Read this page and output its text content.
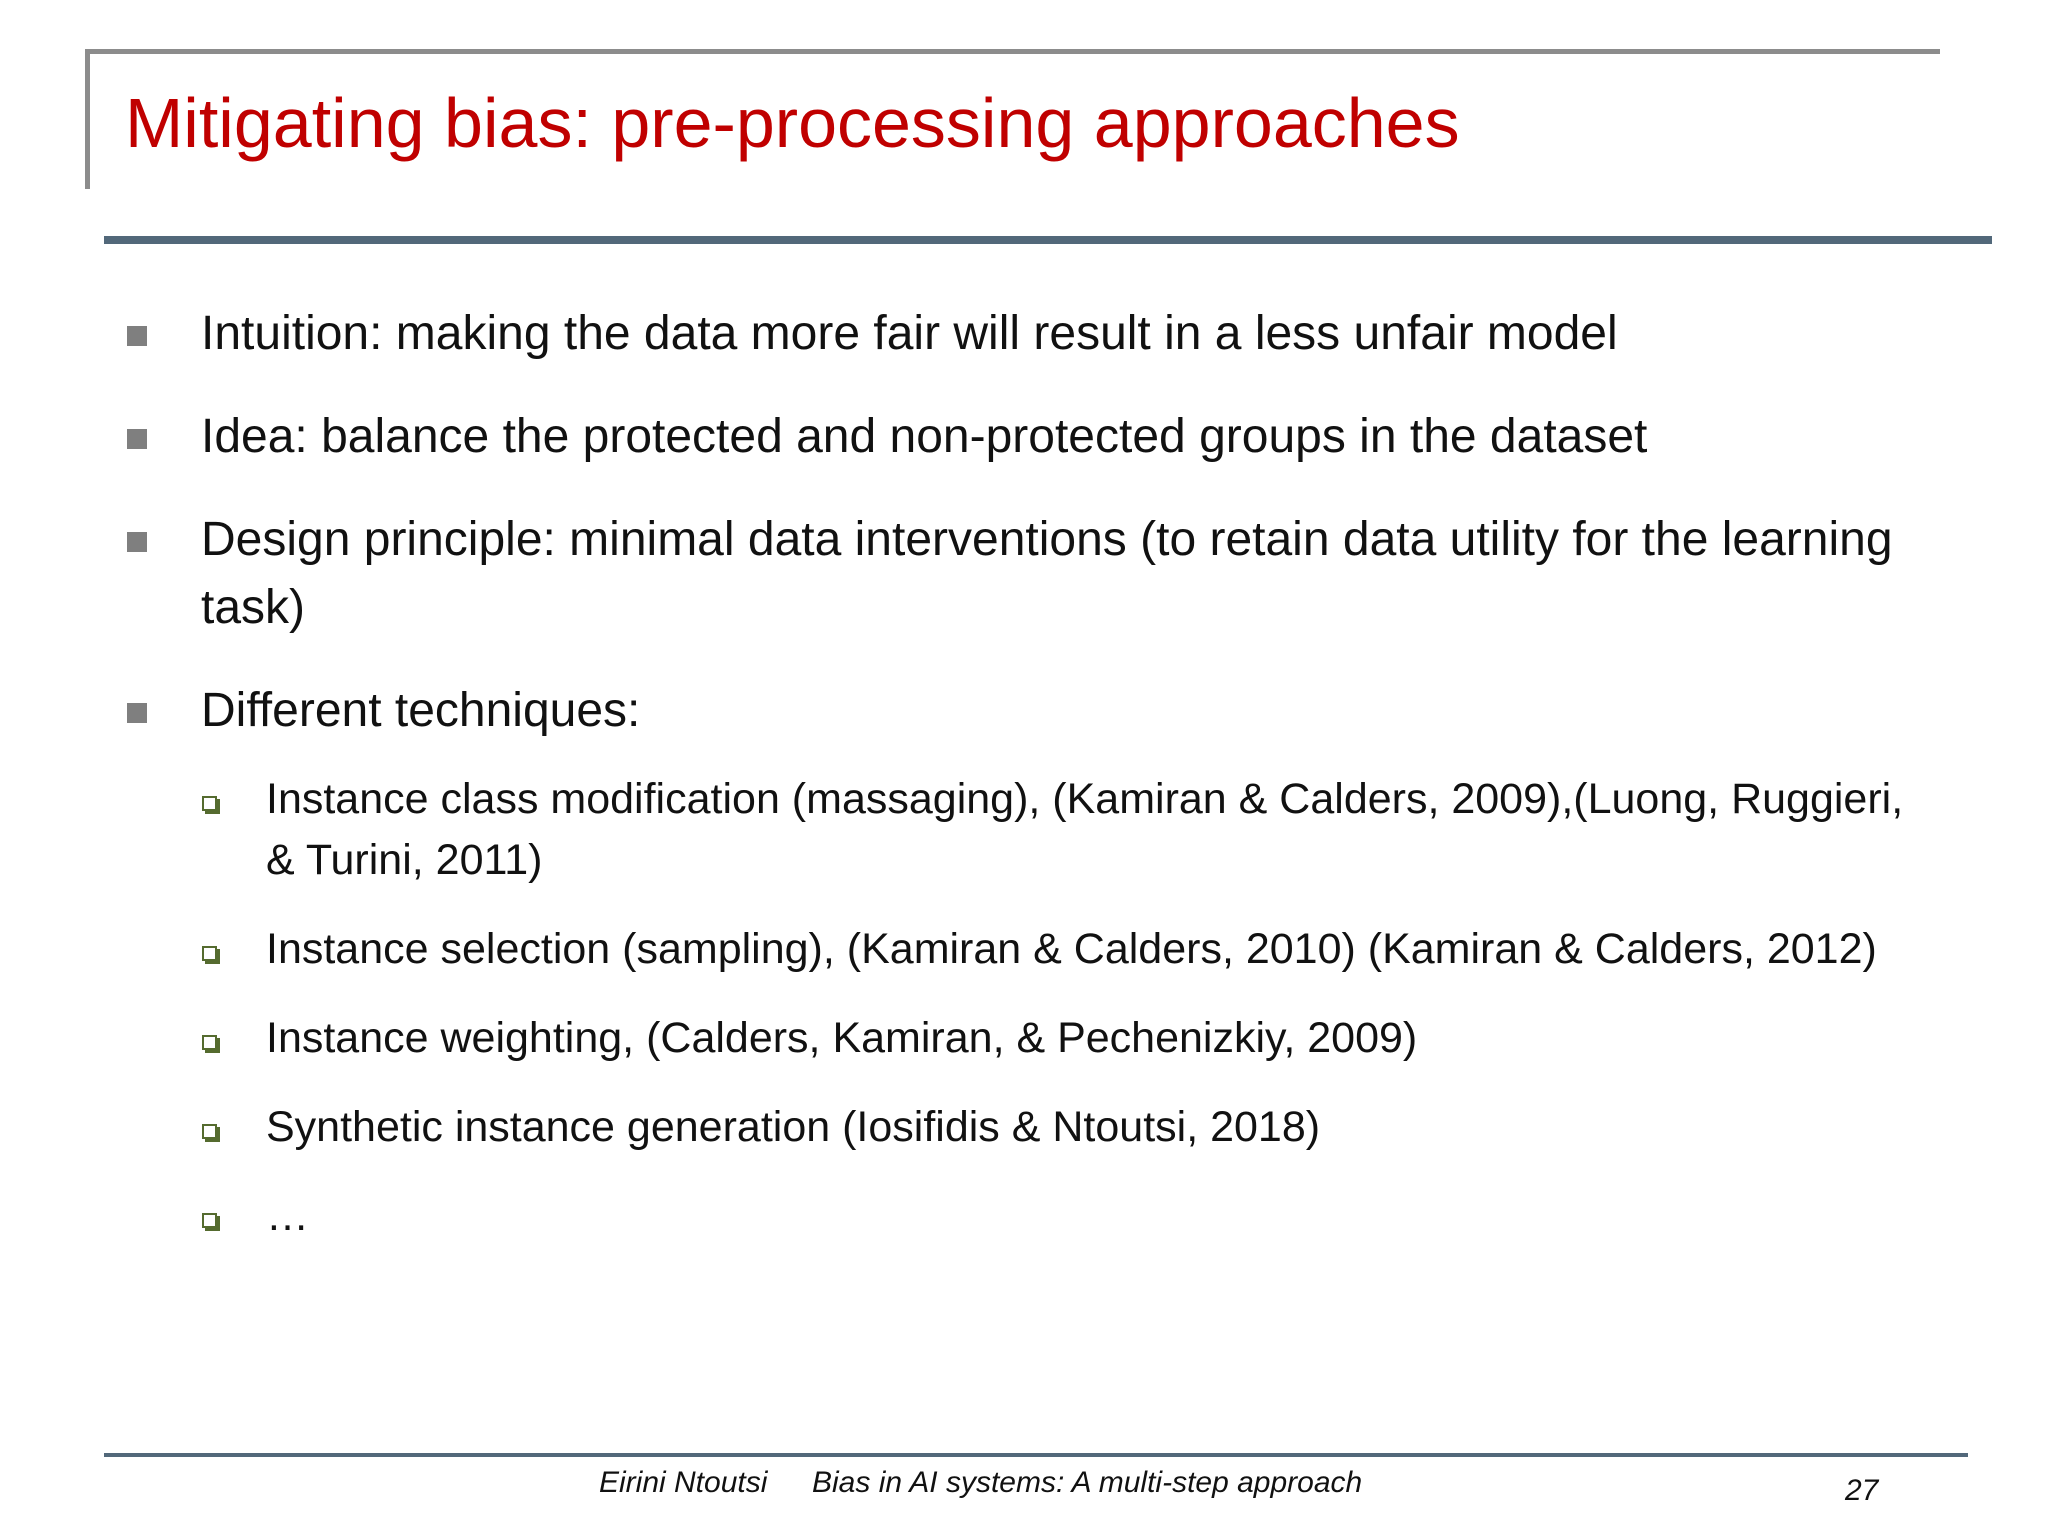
Mitigating bias: pre-processing approaches
Intuition: making the data more fair will result in a less unfair model
Idea: balance the protected and non-protected groups in the dataset
Design principle: minimal data interventions (to retain data utility for the learning task)
Different techniques:
Instance class modification (massaging), (Kamiran & Calders, 2009),(Luong, Ruggieri, & Turini, 2011)
Instance selection (sampling), (Kamiran & Calders, 2010) (Kamiran & Calders, 2012)
Instance weighting, (Calders, Kamiran, & Pechenizkiy, 2009)
Synthetic instance generation (Iosifidis & Ntoutsi, 2018)
…
Eirini Ntoutsi Bias in AI systems: A multi-step approach	27
